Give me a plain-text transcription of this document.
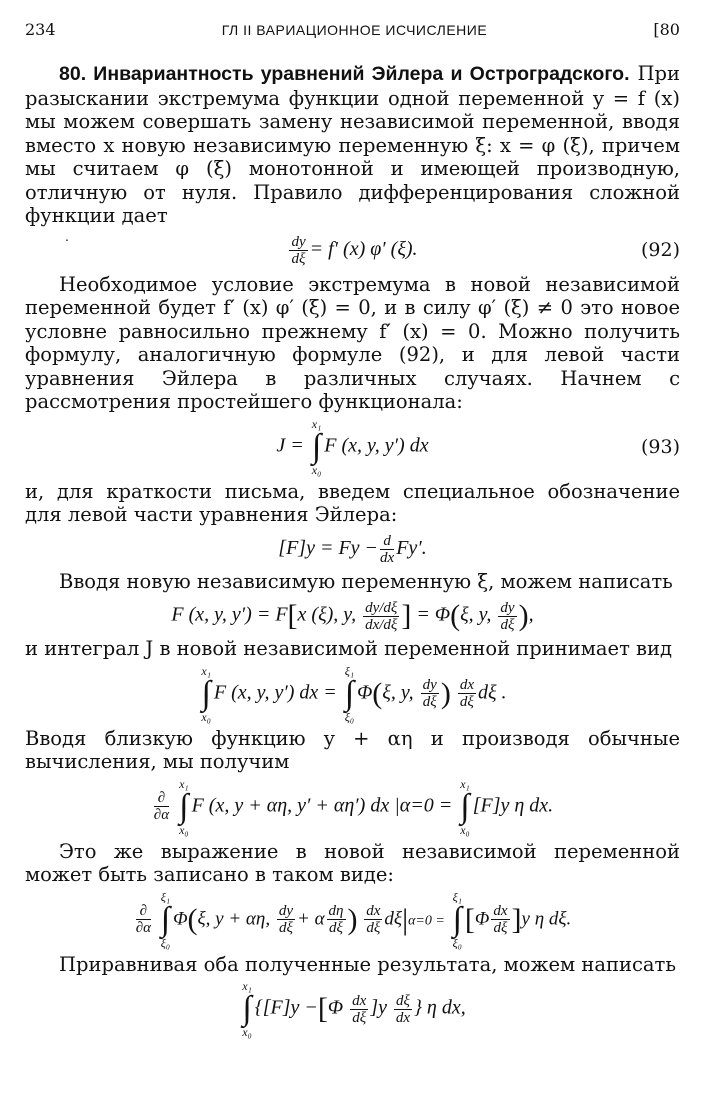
234	ГЛ II ВАРИАЦИОННОЕ ИСЧИСЛЕНИЕ	[80

80. Инвариантность уравнений Эйлера и Остроградского. При разыскании экстремума функции одной переменной y = f (x) мы можем совершать замену независимой переменной, вводя вместо x новую независимую переменную ξ: x = φ (ξ), причем мы считаем φ (ξ) монотонной и имеющей производную, отличную от нуля. Правило дифференцирования сложной функции дает

·	$\frac{dy}{d\xi} = f'$ (x) φ′ (ξ).	(92)

Необходимое условие экстремума в новой независимой переменной будет f′ (x) φ′ (ξ) = 0, и в силу φ′ (ξ) ≠ 0 это новое условне равносильно прежнему f′ (x) = 0. Можно получить формулу, аналогичную формуле (92), и для левой части уравнения Эйлера в различных случаях. Начнем с рассмотрения простейшего функционала:

J =
x₁
∫
x₀
F (x, y, y′) dx	(93)

и, для краткости письма, введем специальное обозначение для левой части уравнения Эйлера:

$[F]y = Fy - \frac{d}{dx} Fy'$.

Вводя новую независимую переменную ξ, можем написать

F (x, y, y′) = F[x (ξ), y, $\frac{dy/d\xi}{dx/d\xi}$ ] = Φ(ξ, y, $\frac{dy}{d\xi}$ ),

и интеграл J в новой независимой переменной принимает вид

x₁
∫
x₀
F (x, y, y′) dx =
ξ₁
∫
ξ₀
Φ(ξ, y, $\frac{dy}{d\xi}$ ) $\frac{dx}{d\xi}$ dξ .

Вводя близкую функцию y + αη и производя обычные вычисления, мы получим

$\frac{\partial}{\partial\alpha}$

x₁
∫
x₀
F (x, y + αη, y′ + αη′) dx |α=0 =
x₁
∫
x₀
[F]y η dx.

Это же выражение в новой независимой переменной может быть записано в таком виде:

$\frac{\partial}{\partial\alpha}$

ξ₁
∫
ξ₀
Φ(ξ, y + αη, $\frac{dy}{d\xi} + \alpha \frac{d\eta}{d\xi}$ ) $\frac{dx}{d\xi} d\xi|\alpha=0$ =
ξ₁
∫
ξ₀
$[\Phi \frac{dx}{d\xi} ]y$ η dξ.

Приравнивая оба полученные результата, можем написать

x₁
∫
x₀
{$[F]y -[\Phi \frac{dx}{d\xi} ]y \frac{d\xi}{dx}$ } η dx,
